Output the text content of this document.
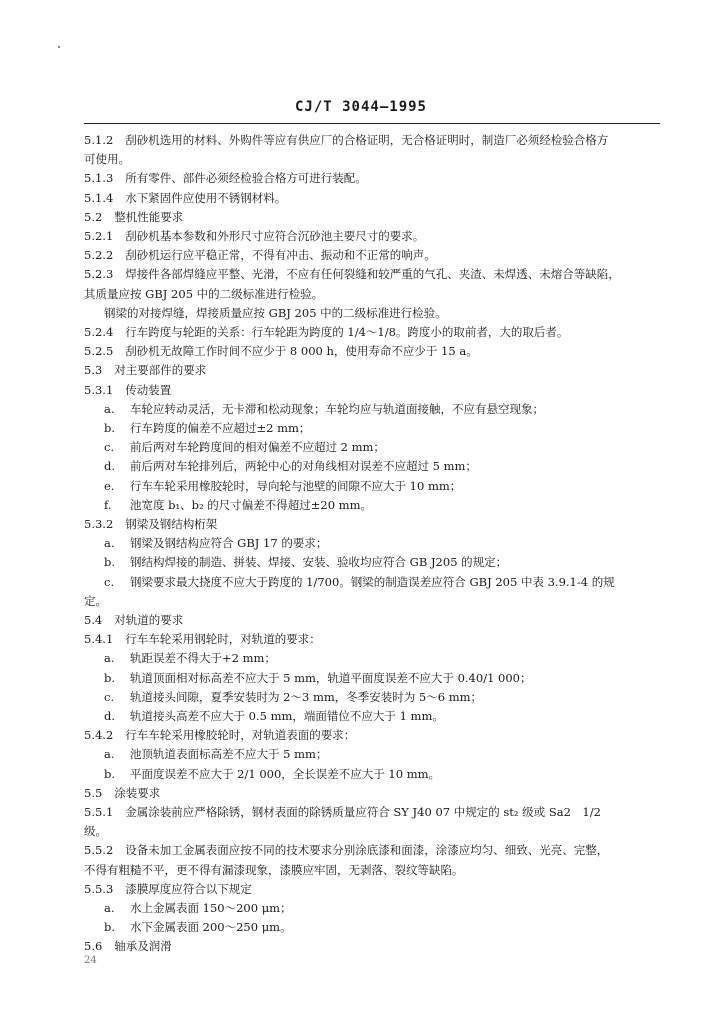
CJ/T 3044—1995
5.1.2 刮砂机选用的材料、外购件等应有供应厂的合格证明，无合格证明时，制造厂必须经检验合格方
可使用。
5.1.3 所有零件、部件必须经检验合格方可进行装配。
5.1.4 水下紧固件应使用不锈钢材料。
5.2 整机性能要求
5.2.1 刮砂机基本参数和外形尺寸应符合沉砂池主要尺寸的要求。
5.2.2 刮砂机运行应平稳正常，不得有冲击、振动和不正常的响声。
5.2.3 焊接件各部焊缝应平整、光滑，不应有任何裂缝和较严重的气孔、夹渣、未焊透、未熔合等缺陷，
其质量应按 GBJ 205 中的二级标准进行检验。
钢梁的对接焊缝，焊接质量应按 GBJ 205 中的二级标准进行检验。
5.2.4 行车跨度与轮距的关系：行车轮距为跨度的 1/4～1/8。跨度小的取前者，大的取后者。
5.2.5 刮砂机无故障工作时间不应少于 8 000 h，使用寿命不应少于 15 a。
5.3 对主要部件的要求
5.3.1 传动装置
a. 车轮应转动灵活，无卡滞和松动现象；车轮均应与轨道面接触，不应有悬空现象；
b. 行车跨度的偏差不应超过±2 mm；
c. 前后两对车轮跨度间的相对偏差不应超过 2 mm；
d. 前后两对车轮排列后，两轮中心的对角线相对误差不应超过 5 mm；
e. 行车车轮采用橡胶轮时，导向轮与池壁的间隙不应大于 10 mm；
f. 池宽度 b₁、b₂ 的尺寸偏差不得超过±20 mm。
5.3.2 钢梁及钢结构桁架
a. 钢梁及钢结构应符合 GBJ 17 的要求；
b. 钢结构焊接的制造、拼装、焊接、安装、验收均应符合 GB J205 的规定；
c. 钢梁要求最大挠度不应大于跨度的 1/700。钢梁的制造误差应符合 GBJ 205 中表 3.9.1-4 的规
定。
5.4 对轨道的要求
5.4.1 行车车轮采用钢轮时，对轨道的要求：
a. 轨距误差不得大于+2 mm；
b. 轨道顶面相对标高差不应大于 5 mm，轨道平面度误差不应大于 0.40/1 000；
c. 轨道接头间隙，夏季安装时为 2～3 mm，冬季安装时为 5～6 mm；
d. 轨道接头高差不应大于 0.5 mm，端面错位不应大于 1 mm。
5.4.2 行车车轮采用橡胶轮时，对轨道表面的要求：
a. 池顶轨道表面标高差不应大于 5 mm；
b. 平面度误差不应大于 2/1 000，全长误差不应大于 10 mm。
5.5 涂装要求
5.5.1 金属涂装前应严格除锈，钢材表面的除锈质量应符合 SY J40 07 中规定的 st₂ 级或 Sa2　1/2
级。
5.5.2 设备未加工金属表面应按不同的技术要求分别涂底漆和面漆，涂漆应均匀、细致、光亮、完整，
不得有粗糙不平，更不得有漏漆现象，漆膜应牢固，无剥落、裂纹等缺陷。
5.5.3 漆膜厚度应符合以下规定
a. 水上金属表面 150～200 μm；
b. 水下金属表面 200～250 μm。
5.6 轴承及润滑
24
